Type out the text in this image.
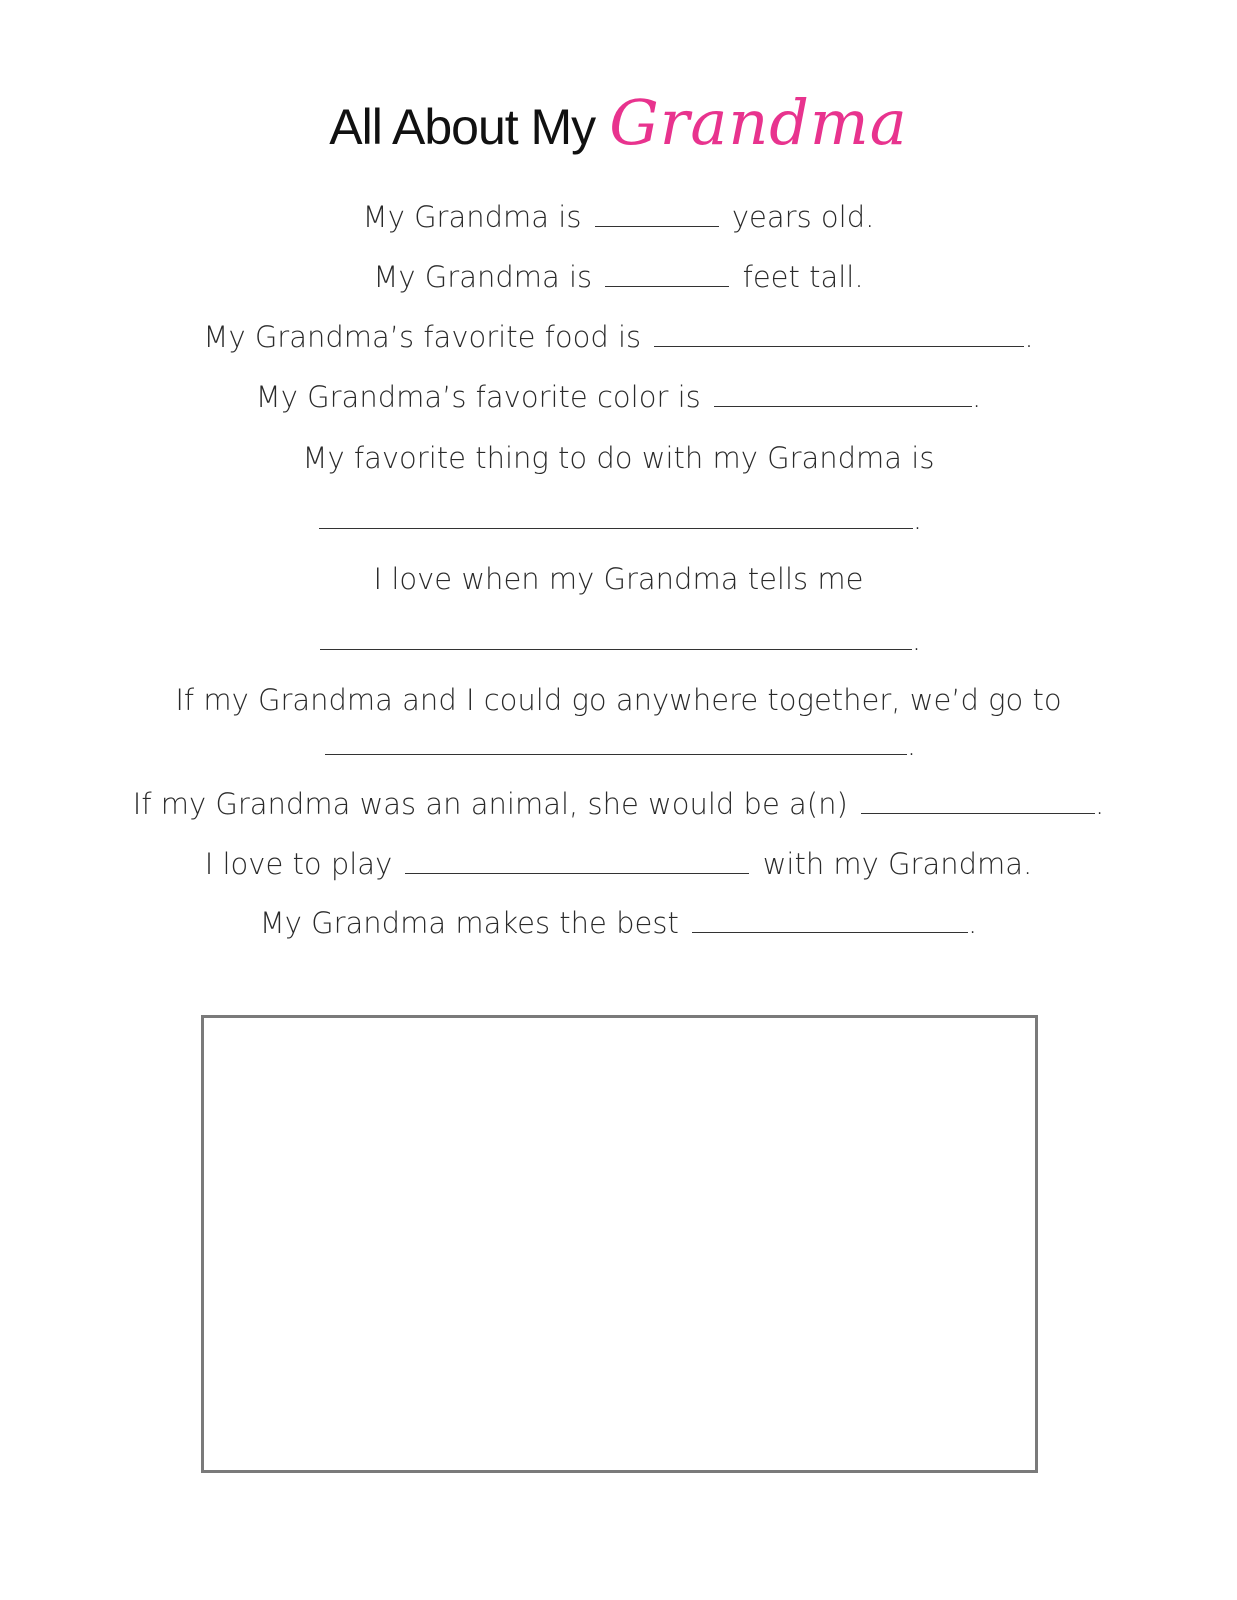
All About My Grandma
My Grandma is	years old.
My Grandma is	feet tall.
My Grandma’s favorite food is	.
My Grandma’s favorite color is	.
My favorite thing to do with my Grandma is
.
I love when my Grandma tells me
.
If my Grandma and I could go anywhere together, we’d go to
.
If my Grandma was an animal, she would be a(n)	.
I love to play	with my Grandma.
My Grandma makes the best	.
